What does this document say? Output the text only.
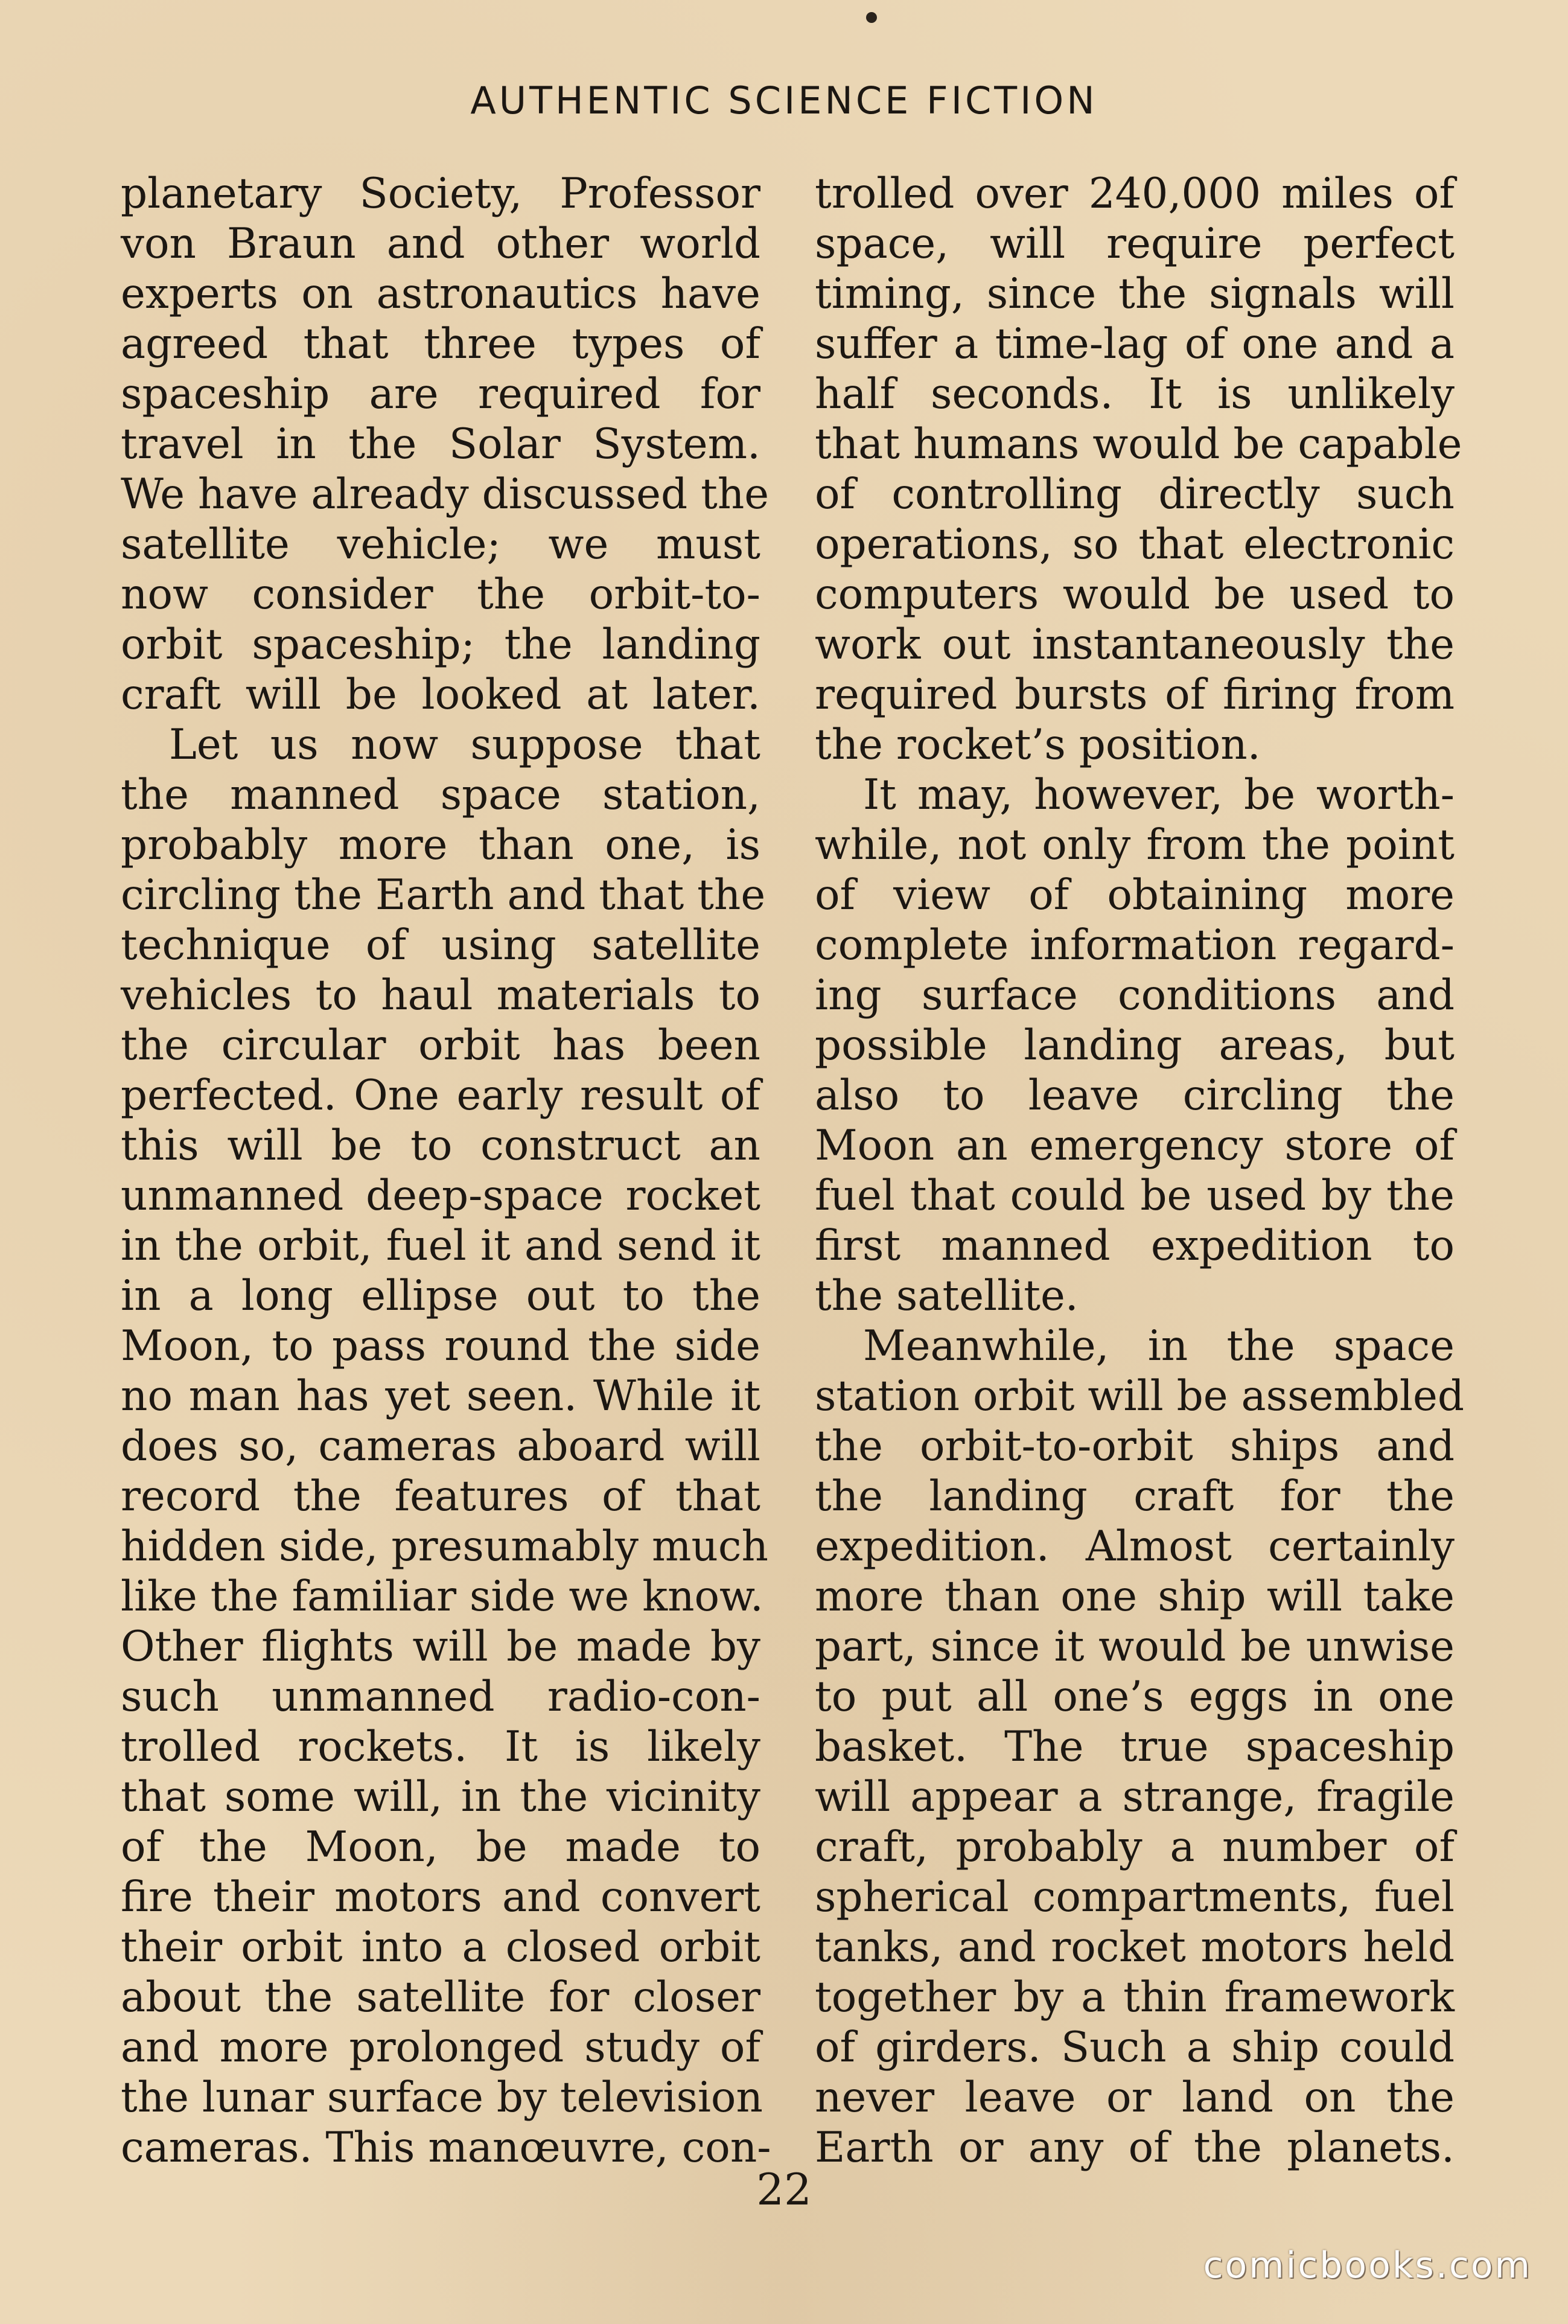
AUTHENTIC SCIENCE FICTION
planetary Society, Professor
von Braun and other world
experts on astronautics have
agreed that three types of
spaceship are required for
travel in the Solar System.
We have already discussed the
satellite vehicle; we must
now consider the orbit-to-
orbit spaceship; the landing
craft will be looked at later.
Let us now suppose that
the manned space station,
probably more than one, is
circling the Earth and that the
technique of using satellite
vehicles to haul materials to
the circular orbit has been
perfected. One early result of
this will be to construct an
unmanned deep-space rocket
in the orbit, fuel it and send it
in a long ellipse out to the
Moon, to pass round the side
no man has yet seen. While it
does so, cameras aboard will
record the features of that
hidden side, presumably much
like the familiar side we know.
Other flights will be made by
such unmanned radio-con-
trolled rockets. It is likely
that some will, in the vicinity
of the Moon, be made to
fire their motors and convert
their orbit into a closed orbit
about the satellite for closer
and more prolonged study of
the lunar surface by television
cameras. This manœuvre, con-
trolled over 240,000 miles of
space, will require perfect
timing, since the signals will
suffer a time-lag of one and a
half seconds. It is unlikely
that humans would be capable
of controlling directly such
operations, so that electronic
computers would be used to
work out instantaneously the
required bursts of firing from
the rocket’s position.
It may, however, be worth-
while, not only from the point
of view of obtaining more
complete information regard-
ing surface conditions and
possible landing areas, but
also to leave circling the
Moon an emergency store of
fuel that could be used by the
first manned expedition to
the satellite.
Meanwhile, in the space
station orbit will be assembled
the orbit-to-orbit ships and
the landing craft for the
expedition. Almost certainly
more than one ship will take
part, since it would be unwise
to put all one’s eggs in one
basket. The true spaceship
will appear a strange, fragile
craft, probably a number of
spherical compartments, fuel
tanks, and rocket motors held
together by a thin framework
of girders. Such a ship could
never leave or land on the
Earth or any of the planets.
22
comicbooks.com
